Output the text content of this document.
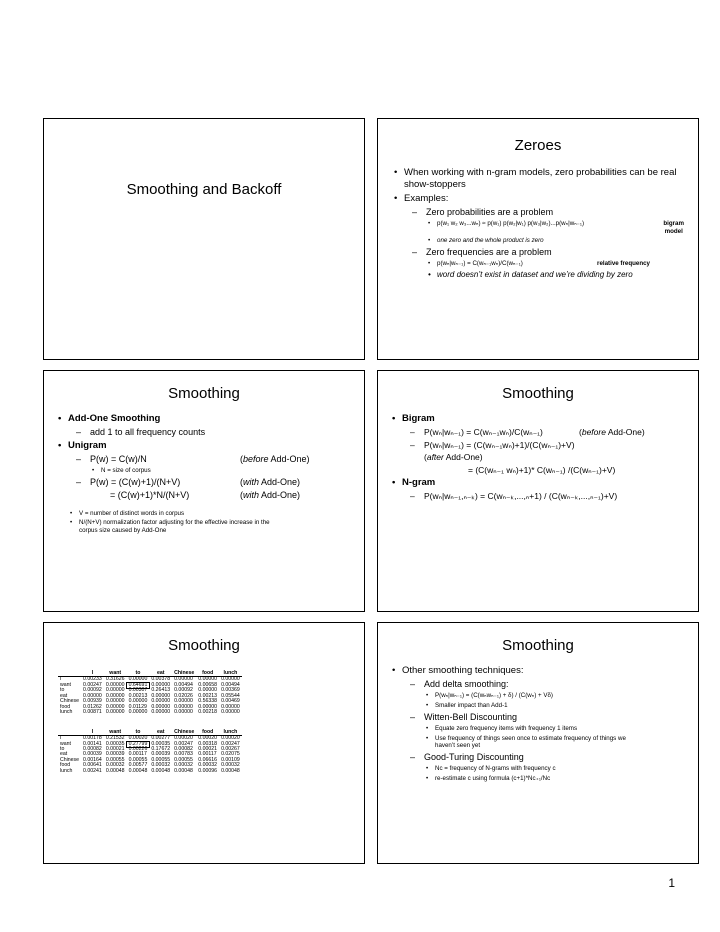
Smoothing and Backoff
Zeroes
• When working with n-gram models, zero probabilities can be real show-stoppers
• Examples:
– Zero probabilities are a problem
• p(w₁ w₂ w₃...wₙ) ≈ p(w₁) p(w₂|w₁) p(w₃|w₂)...p(wₙ|wₙ₋₁)	bigram
model
• one zero and the whole product is zero
– Zero frequencies are a problem
• p(wₙ|wₙ₋₁) = C(wₙ₋₁wₙ)/C(wₙ₋₁)	relative frequency
• word doesn’t exist in dataset and we’re dividing by zero
Smoothing
• Add-One Smoothing
– add 1 to all frequency counts
• Unigram
– P(w) = C(w)/N	(before Add-One)
• N = size of corpus
– P(w) = (C(w)+1)/(N+V)	(with Add-One)
= (C(w)+1)*N/(N+V)	(with Add-One)
• V = number of distinct words in corpus
• N/(N+V) normalization factor adjusting for the effective increase in the corpus size caused by Add-One
Smoothing
• Bigram
– P(wₙ|wₙ₋₁) = C(wₙ₋₁wₙ)/C(wₙ₋₁)	(before Add-One)
– P(wₙ|wₙ₋₁) = (C(wₙ₋₁wₙ)+1)/(C(wₙ₋₁)+V)
(after Add-One)
= (C(wₙ₋₁ wₙ)+1)* C(wₙ₋₁) /(C(wₙ₋₁)+V)
• N-gram
– P(wₙ|wₙ₋₁,ₙ₋ₖ) = C(wₙ₋ₖ,...,ₙ+1) / (C(wₙ₋ₖ,...,ₙ₋₁)+V)
Smoothing
	I	want	to	eat	Chinese	food	lunch
I	0.00233	0.31626	0.00000	0.00378	0.00000	0.00000	0.00000
want	0.00247	0.00000	0.64691	0.00000	0.00494	0.00658	0.00494
to	0.00092	0.00000	0.00307	0.26413	0.00092	0.00000	0.00369
eat	0.00000	0.00000	0.00213	0.00000	0.02026	0.00213	0.05544
Chinese	0.00939	0.00000	0.00000	0.00000	0.00000	0.56338	0.00469
food	0.01262	0.00000	0.01129	0.00000	0.00000	0.00000	0.00000
lunch	0.00871	0.00000	0.00000	0.00000	0.00000	0.00218	0.00000
	I	want	to	eat	Chinese	food	lunch
I	0.00178	0.21532	0.00020	0.00277	0.00020	0.00020	0.00020
want	0.00141	0.00035	0.27799	0.00035	0.00247	0.00318	0.00247
to	0.00082	0.00021	0.00226	0.17672	0.00082	0.00021	0.00267
eat	0.00039	0.00039	0.00117	0.00039	0.00783	0.00117	0.02075
Chinese	0.00164	0.00055	0.00055	0.00055	0.00055	0.06616	0.00109
food	0.00641	0.00032	0.00577	0.00032	0.00032	0.00032	0.00032
lunch	0.00241	0.00048	0.00048	0.00048	0.00048	0.00096	0.00048
Smoothing
• Other smoothing techniques:
– Add delta smoothing:
• P(wₙ|wₙ₋₁) = (C(wₙwₙ₋₁) + δ) / (C(wₙ) + Vδ)
• Smaller impact than Add-1
– Witten-Bell Discounting
• Equate zero frequency items with frequency 1 items
• Use frequency of things seen once to estimate frequency of things we haven’t seen yet
– Good-Turing Discounting
• Nᴄ = frequency of N-grams with frequency c
• re-estimate c using formula (c+1)*Nᴄ₊₁/Nᴄ
1
